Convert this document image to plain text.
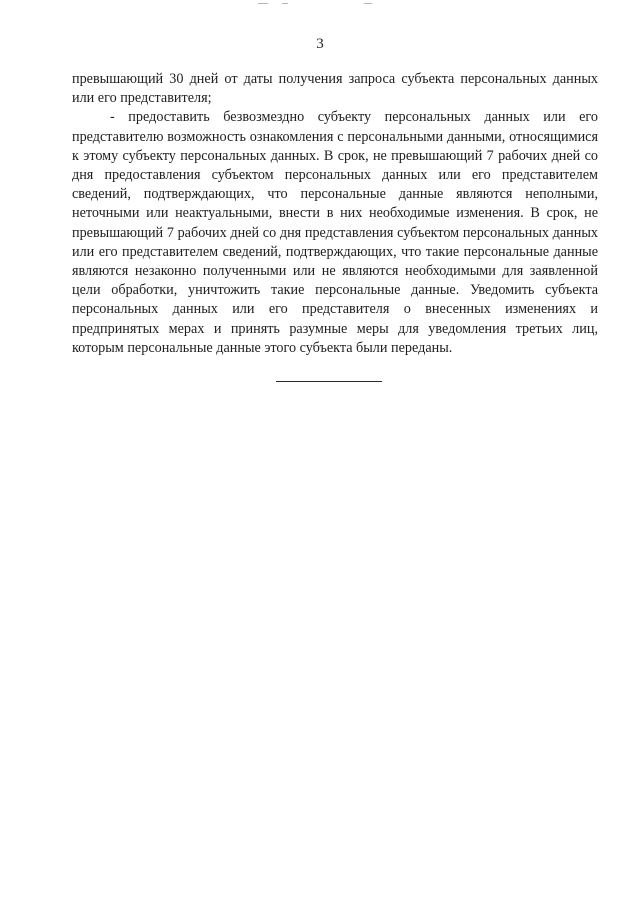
3

превышающий 30 дней от даты получения запроса субъекта персональных данных или его представителя;

- предоставить безвозмездно субъекту персональных данных или его представителю возможность ознакомления с персональными данными, относящимися к этому субъекту персональных данных. В срок, не превышающий 7 рабочих дней со дня предоставления субъектом персональных данных или его представителем сведений, подтверждающих, что персональные данные являются неполными, неточными или неактуальными, внести в них необходимые изменения. В срок, не превышающий 7 рабочих дней со дня представления субъектом персональных данных или его представителем сведений, подтверждающих, что такие персональные данные являются незаконно полученными или не являются необходимыми для заявленной цели обработки, уничтожить такие персональные данные. Уведомить субъекта персональных данных или его представителя о внесенных изменениях и предпринятых мерах и принять разумные меры для уведомления третьих лиц, которым персональные данные этого субъекта были переданы.
